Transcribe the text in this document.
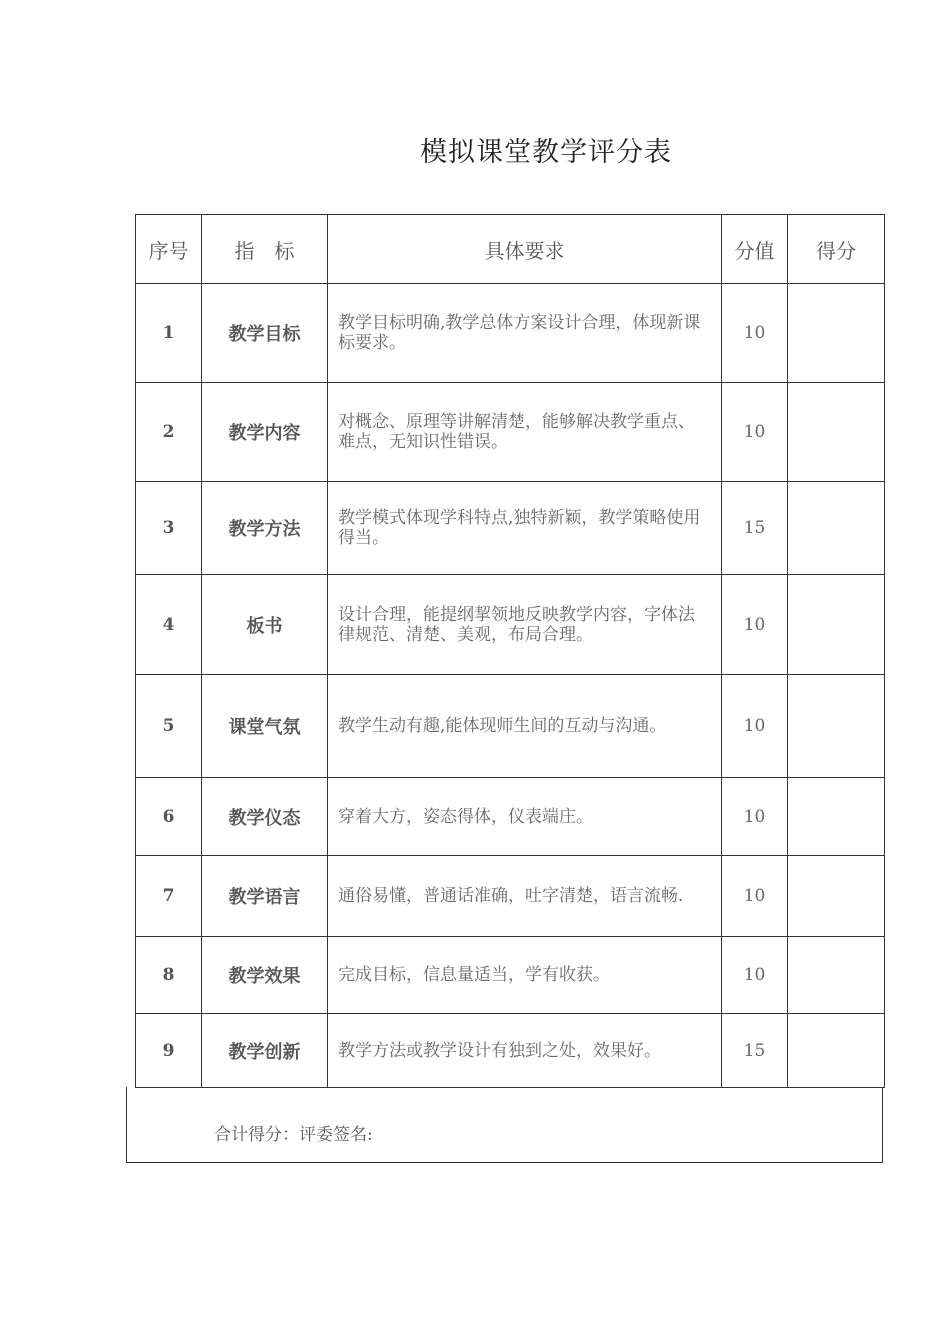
模拟课堂教学评分表
序号	指　标	具体要求	分值	得分
1	教学目标	教学目标明确,教学总体方案设计合理，体现新课标要求。	10	
2	教学内容	对概念、原理等讲解清楚，能够解决教学重点、难点，无知识性错误。	10	
3	教学方法	教学模式体现学科特点,独特新颖，教学策略使用得当。	15	
4	板书	设计合理，能提纲挈领地反映教学内容，字体法律规范、清楚、美观，布局合理。	10	
5	课堂气氛	教学生动有趣,能体现师生间的互动与沟通。	10	
6	教学仪态	穿着大方，姿态得体，仪表端庄。	10	
7	教学语言	通俗易懂，普通话准确，吐字清楚，语言流畅.	10	
8	教学效果	完成目标，信息量适当，学有收获。	10	
9	教学创新	教学方法或教学设计有独到之处，效果好。	15	
合计得分：评委签名:
